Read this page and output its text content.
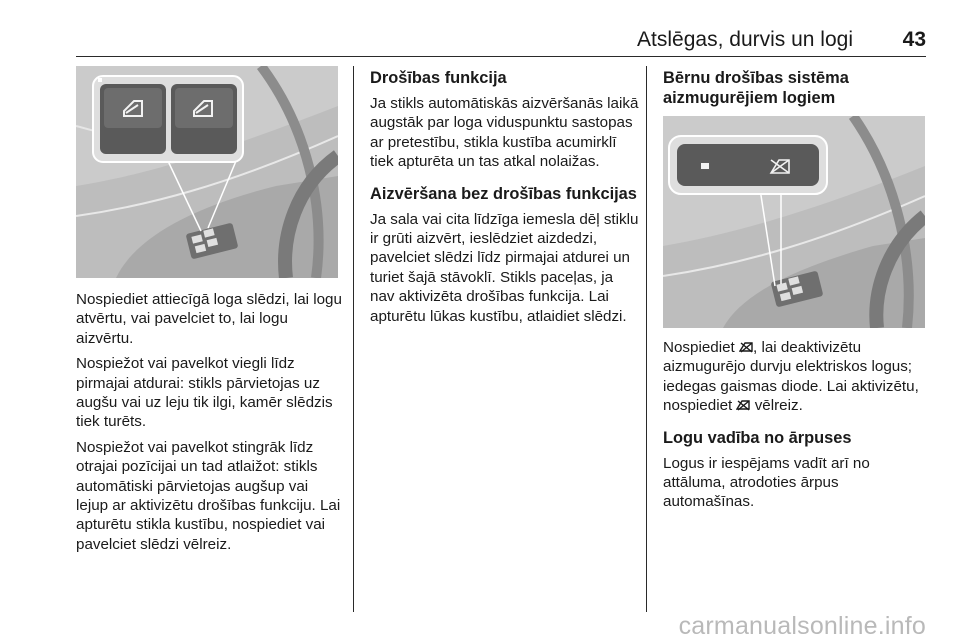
Atslēgas, durvis un logi 43

Nospiediet attiecīgā loga slēdzi, lai logu atvērtu, vai pavelciet to, lai logu aizvērtu.

Nospiežot vai pavelkot viegli līdz pirmajai atdurai: stikls pārvietojas uz augšu vai uz leju tik ilgi, kamēr slēdzis tiek turēts.

Nospiežot vai pavelkot stingrāk līdz otrajai pozīcijai un tad atlaižot: stikls automātiski pārvietojas augšup vai lejup ar aktivizētu drošības funkciju. Lai apturētu stikla kustību, nospiediet vai pavelciet slēdzi vēlreiz.

Drošības funkcija

Ja stikls automātiskās aizvēršanās laikā augstāk par loga viduspunktu sastopas ar pretestību, stikla kustība acumirklī tiek apturēta un tas atkal nolaižas.

Aizvēršana bez drošības funkcijas

Ja sala vai cita līdzīga iemesla dēļ stiklu ir grūti aizvērt, ieslēdziet aizdedzi, pavelciet slēdzi līdz pirmajai atdurei un turiet šajā stāvoklī. Stikls paceļas, ja nav aktivizēta drošības funkcija. Lai apturētu lūkas kustību, atlaidiet slēdzi.

Bērnu drošības sistēma aizmugurējiem logiem

Nospiediet , lai deaktivizētu aizmugurējo durvju elektriskos logus; iedegas gaismas diode. Lai aktivizētu, nospiediet  vēlreiz.

Logu vadība no ārpuses

Logus ir iespējams vadīt arī no attāluma, atrodoties ārpus automašīnas.

carmanualsonline.info
